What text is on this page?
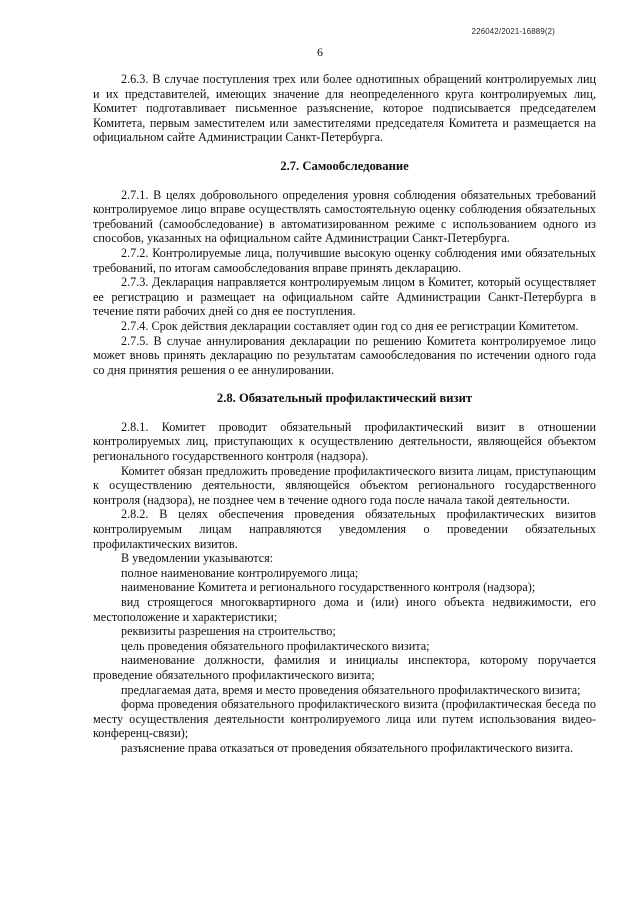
226042/2021-16889(2)
6

2.6.3. В случае поступления трех или более однотипных обращений контролируемых лиц и их представителей, имеющих значение для неопределенного круга контролируемых лиц, Комитет подготавливает письменное разъяснение, которое подписывается председателем Комитета, первым заместителем или заместителями председателя Комитета и размещается на официальном сайте Администрации Санкт-Петербурга.

2.7. Самообследование

2.7.1. В целях добровольного определения уровня соблюдения обязательных требований контролируемое лицо вправе осуществлять самостоятельную оценку соблюдения обязательных требований (самообследование) в автоматизированном режиме с использованием одного из способов, указанных на официальном сайте Администрации Санкт-Петербурга.

2.7.2. Контролируемые лица, получившие высокую оценку соблюдения ими обязательных требований, по итогам самообследования вправе принять декларацию.

2.7.3. Декларация направляется контролируемым лицом в Комитет, который осуществляет ее регистрацию и размещает на официальном сайте Администрации Санкт-Петербурга в течение пяти рабочих дней со дня ее поступления.

2.7.4. Срок действия декларации составляет один год со дня ее регистрации Комитетом.

2.7.5. В случае аннулирования декларации по решению Комитета контролируемое лицо может вновь принять декларацию по результатам самообследования по истечении одного года со дня принятия решения о ее аннулировании.

2.8. Обязательный профилактический визит

2.8.1. Комитет проводит обязательный профилактический визит в отношении контролируемых лиц, приступающих к осуществлению деятельности, являющейся объектом регионального государственного контроля (надзора).

Комитет обязан предложить проведение профилактического визита лицам, приступающим к осуществлению деятельности, являющейся объектом регионального государственного контроля (надзора), не позднее чем в течение одного года после начала такой деятельности.

2.8.2. В целях обеспечения проведения обязательных профилактических визитов контролируемым лицам направляются уведомления о проведении обязательных профилактических визитов.

В уведомлении указываются:

полное наименование контролируемого лица;

наименование Комитета и регионального государственного контроля (надзора);

вид строящегося многоквартирного дома и (или) иного объекта недвижимости, его местоположение и характеристики;

реквизиты разрешения на строительство;

цель проведения обязательного профилактического визита;

наименование должности, фамилия и инициалы инспектора, которому поручается проведение обязательного профилактического визита;

предлагаемая дата, время и место проведения обязательного профилактического визита;

форма проведения обязательного профилактического визита (профилактическая беседа по месту осуществления деятельности контролируемого лица или путем использования видео-конференц-связи);

разъяснение права отказаться от проведения обязательного профилактического визита.
